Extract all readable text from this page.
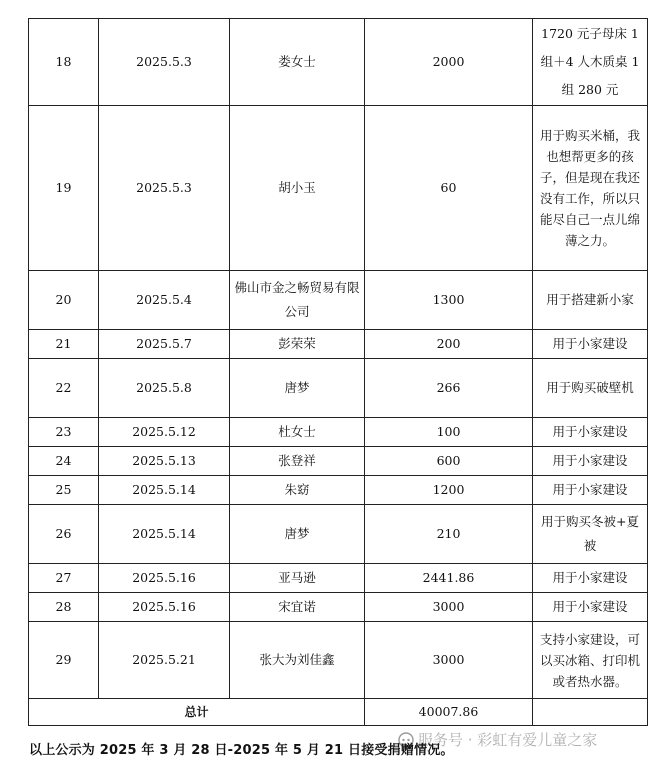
18	2025.5.3	娄女士	2000	1720 元子母床 1 组＋4 人木质桌 1 组 280 元
19	2025.5.3	胡小玉	60	用于购买米桶，我也想帮更多的孩子，但是现在我还没有工作，所以只能尽自己一点儿绵薄之力。
20	2025.5.4	佛山市金之畅贸易有限公司	1300	用于搭建新小家
21	2025.5.7	彭荣荣	200	用于小家建设
22	2025.5.8	唐梦	266	用于购买破壁机
23	2025.5.12	杜女士	100	用于小家建设
24	2025.5.13	张登祥	600	用于小家建设
25	2025.5.14	朱窈	1200	用于小家建设
26	2025.5.14	唐梦	210	用于购买冬被+夏被
27	2025.5.16	亚马逊	2441.86	用于小家建设
28	2025.5.16	宋宜诺	3000	用于小家建设
29	2025.5.21	张大为刘佳鑫	3000	支持小家建设，可以买冰箱、打印机或者热水器。
总计			40007.86	
服务号 · 彩虹有爱儿童之家
以上公示为 2025 年 3 月 28 日-2025 年 5 月 21 日接受捐赠情况。
